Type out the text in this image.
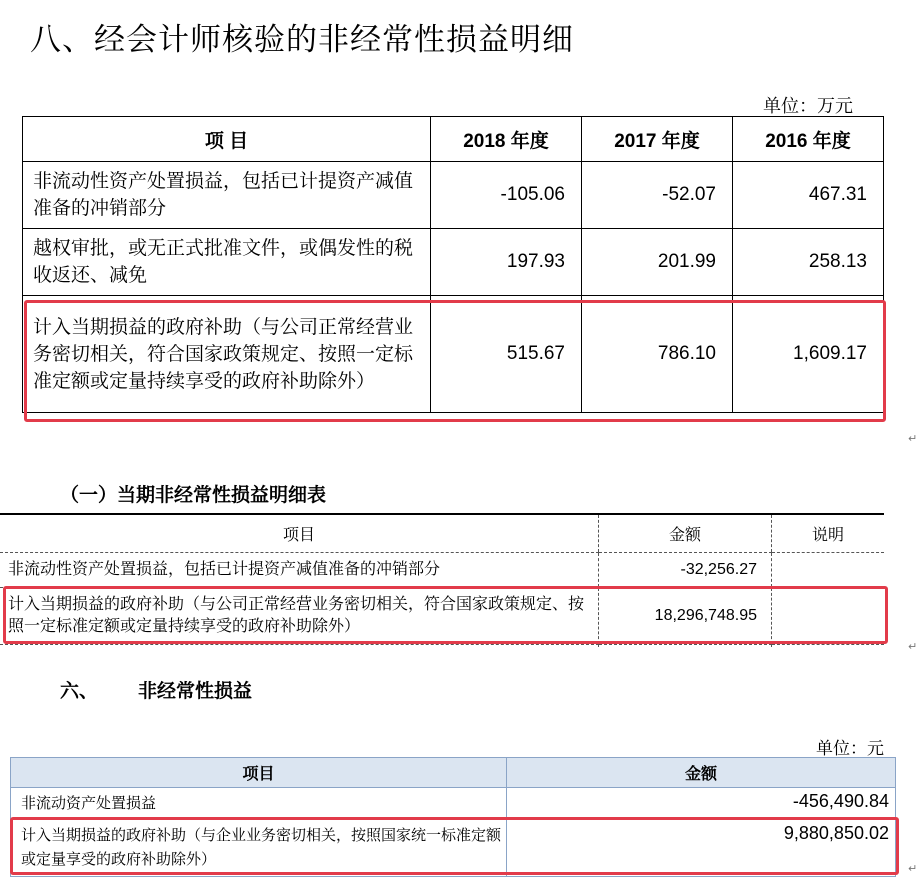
八、经会计师核验的非经常性损益明细
单位：万元
项 目	2018 年度	2017 年度	2016 年度
非流动性资产处置损益，包括已计提资产减值准备的冲销部分	-105.06	-52.07	467.31
越权审批，或无正式批准文件，或偶发性的税收返还、减免	197.93	201.99	258.13
计入当期损益的政府补助（与公司正常经营业务密切相关，符合国家政策规定、按照一定标准定额或定量持续享受的政府补助除外）	515.67	786.10	1,609.17
↵
（一）当期非经常性损益明细表
项目	金额	说明
非流动性资产处置损益，包括已计提资产减值准备的冲销部分	-32,256.27	
计入当期损益的政府补助（与公司正常经营业务密切相关，符合国家政策规定、按照一定标准定额或定量持续享受的政府补助除外）	18,296,748.95	

↵
六、 非经常性损益
单位：元
项目	金额
非流动资产处置损益	-456,490.84
计入当期损益的政府补助（与企业业务密切相关，按照国家统一标准定额或定量享受的政府补助除外）	9,880,850.02
↵
